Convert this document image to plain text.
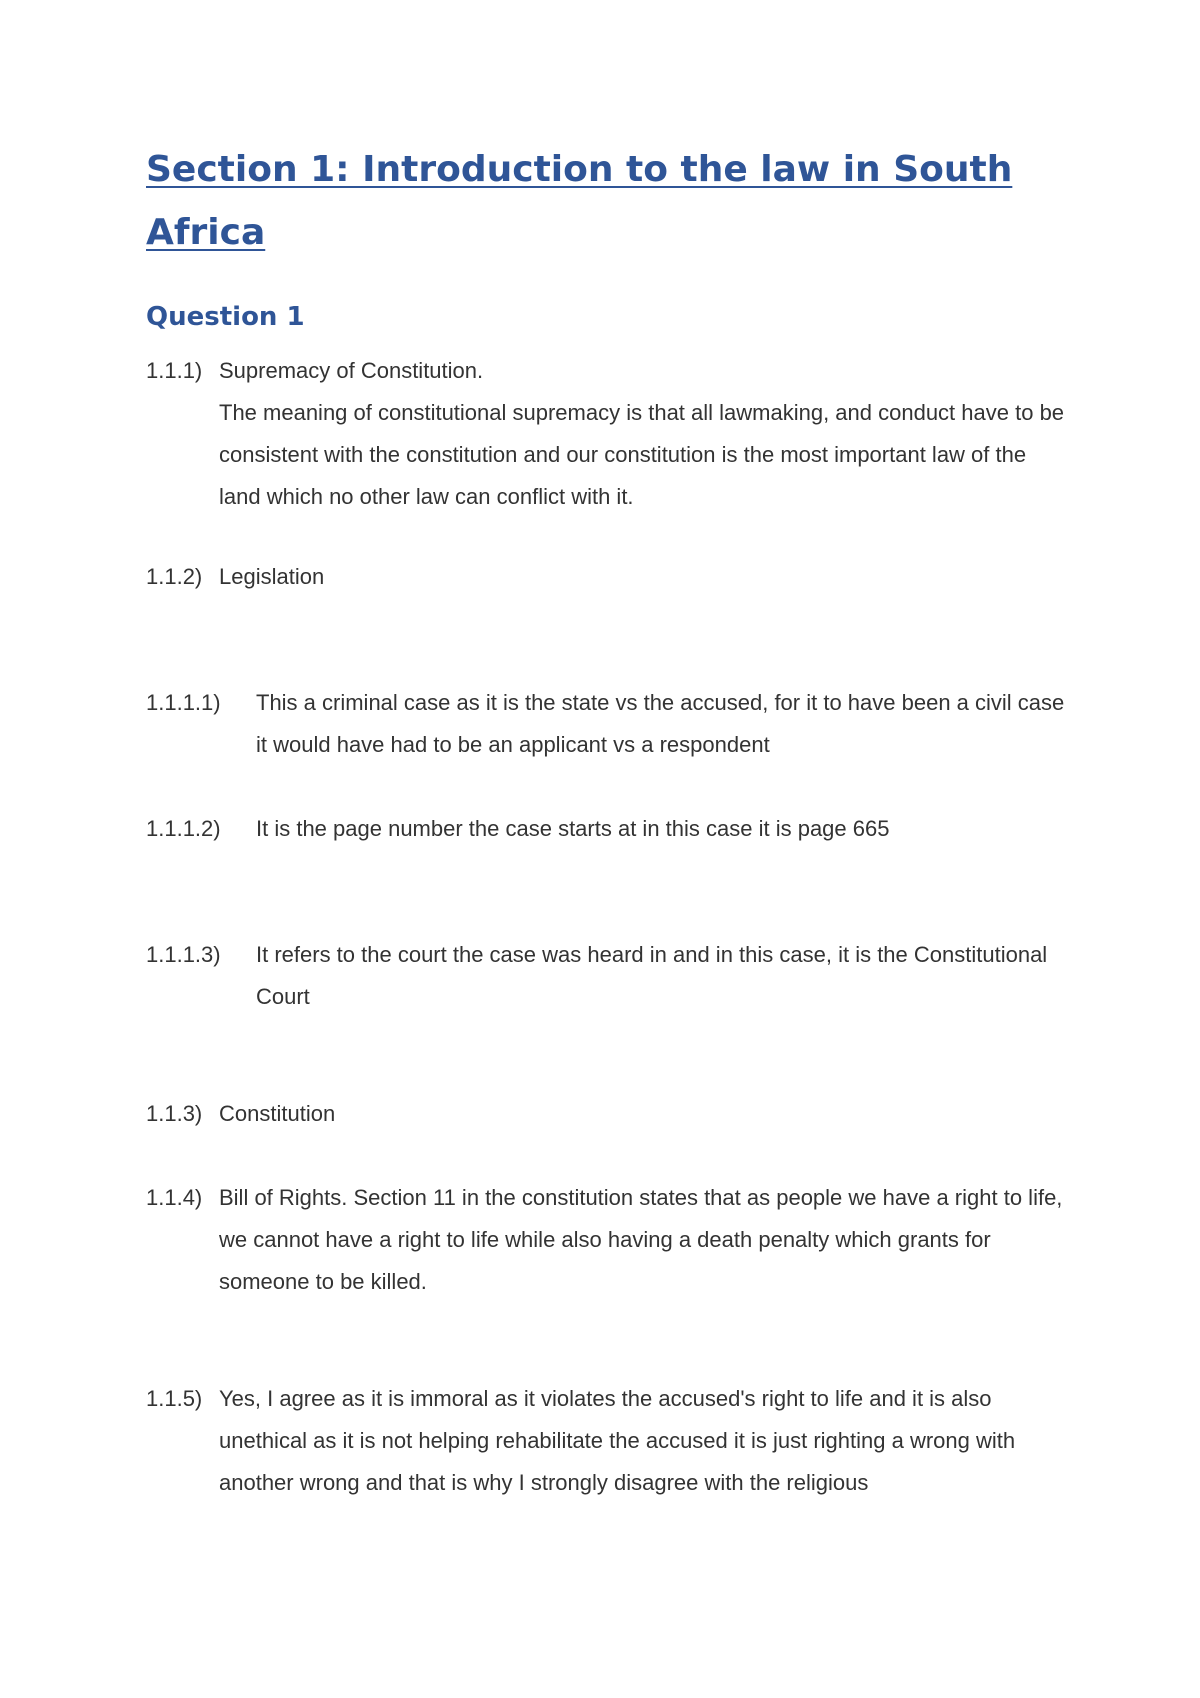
Section 1: Introduction to the law in South Africa
Question 1
1.1.1) Supremacy of Constitution.
The meaning of constitutional supremacy is that all lawmaking, and conduct have to be consistent with the constitution and our constitution is the most important law of the land which no other law can conflict with it.
1.1.2) Legislation
1.1.1.1) This a criminal case as it is the state vs the accused, for it to have been a civil case it would have had to be an applicant vs a respondent
1.1.1.2) It is the page number the case starts at in this case it is page 665
1.1.1.3) It refers to the court the case was heard in and in this case, it is the Constitutional Court
1.1.3) Constitution
1.1.4) Bill of Rights. Section 11 in the constitution states that as people we have a right to life, we cannot have a right to life while also having a death penalty which grants for someone to be killed.
1.1.5) Yes, I agree as it is immoral as it violates the accused's right to life and it is also unethical as it is not helping rehabilitate the accused it is just righting a wrong with another wrong and that is why I strongly disagree with the religious
